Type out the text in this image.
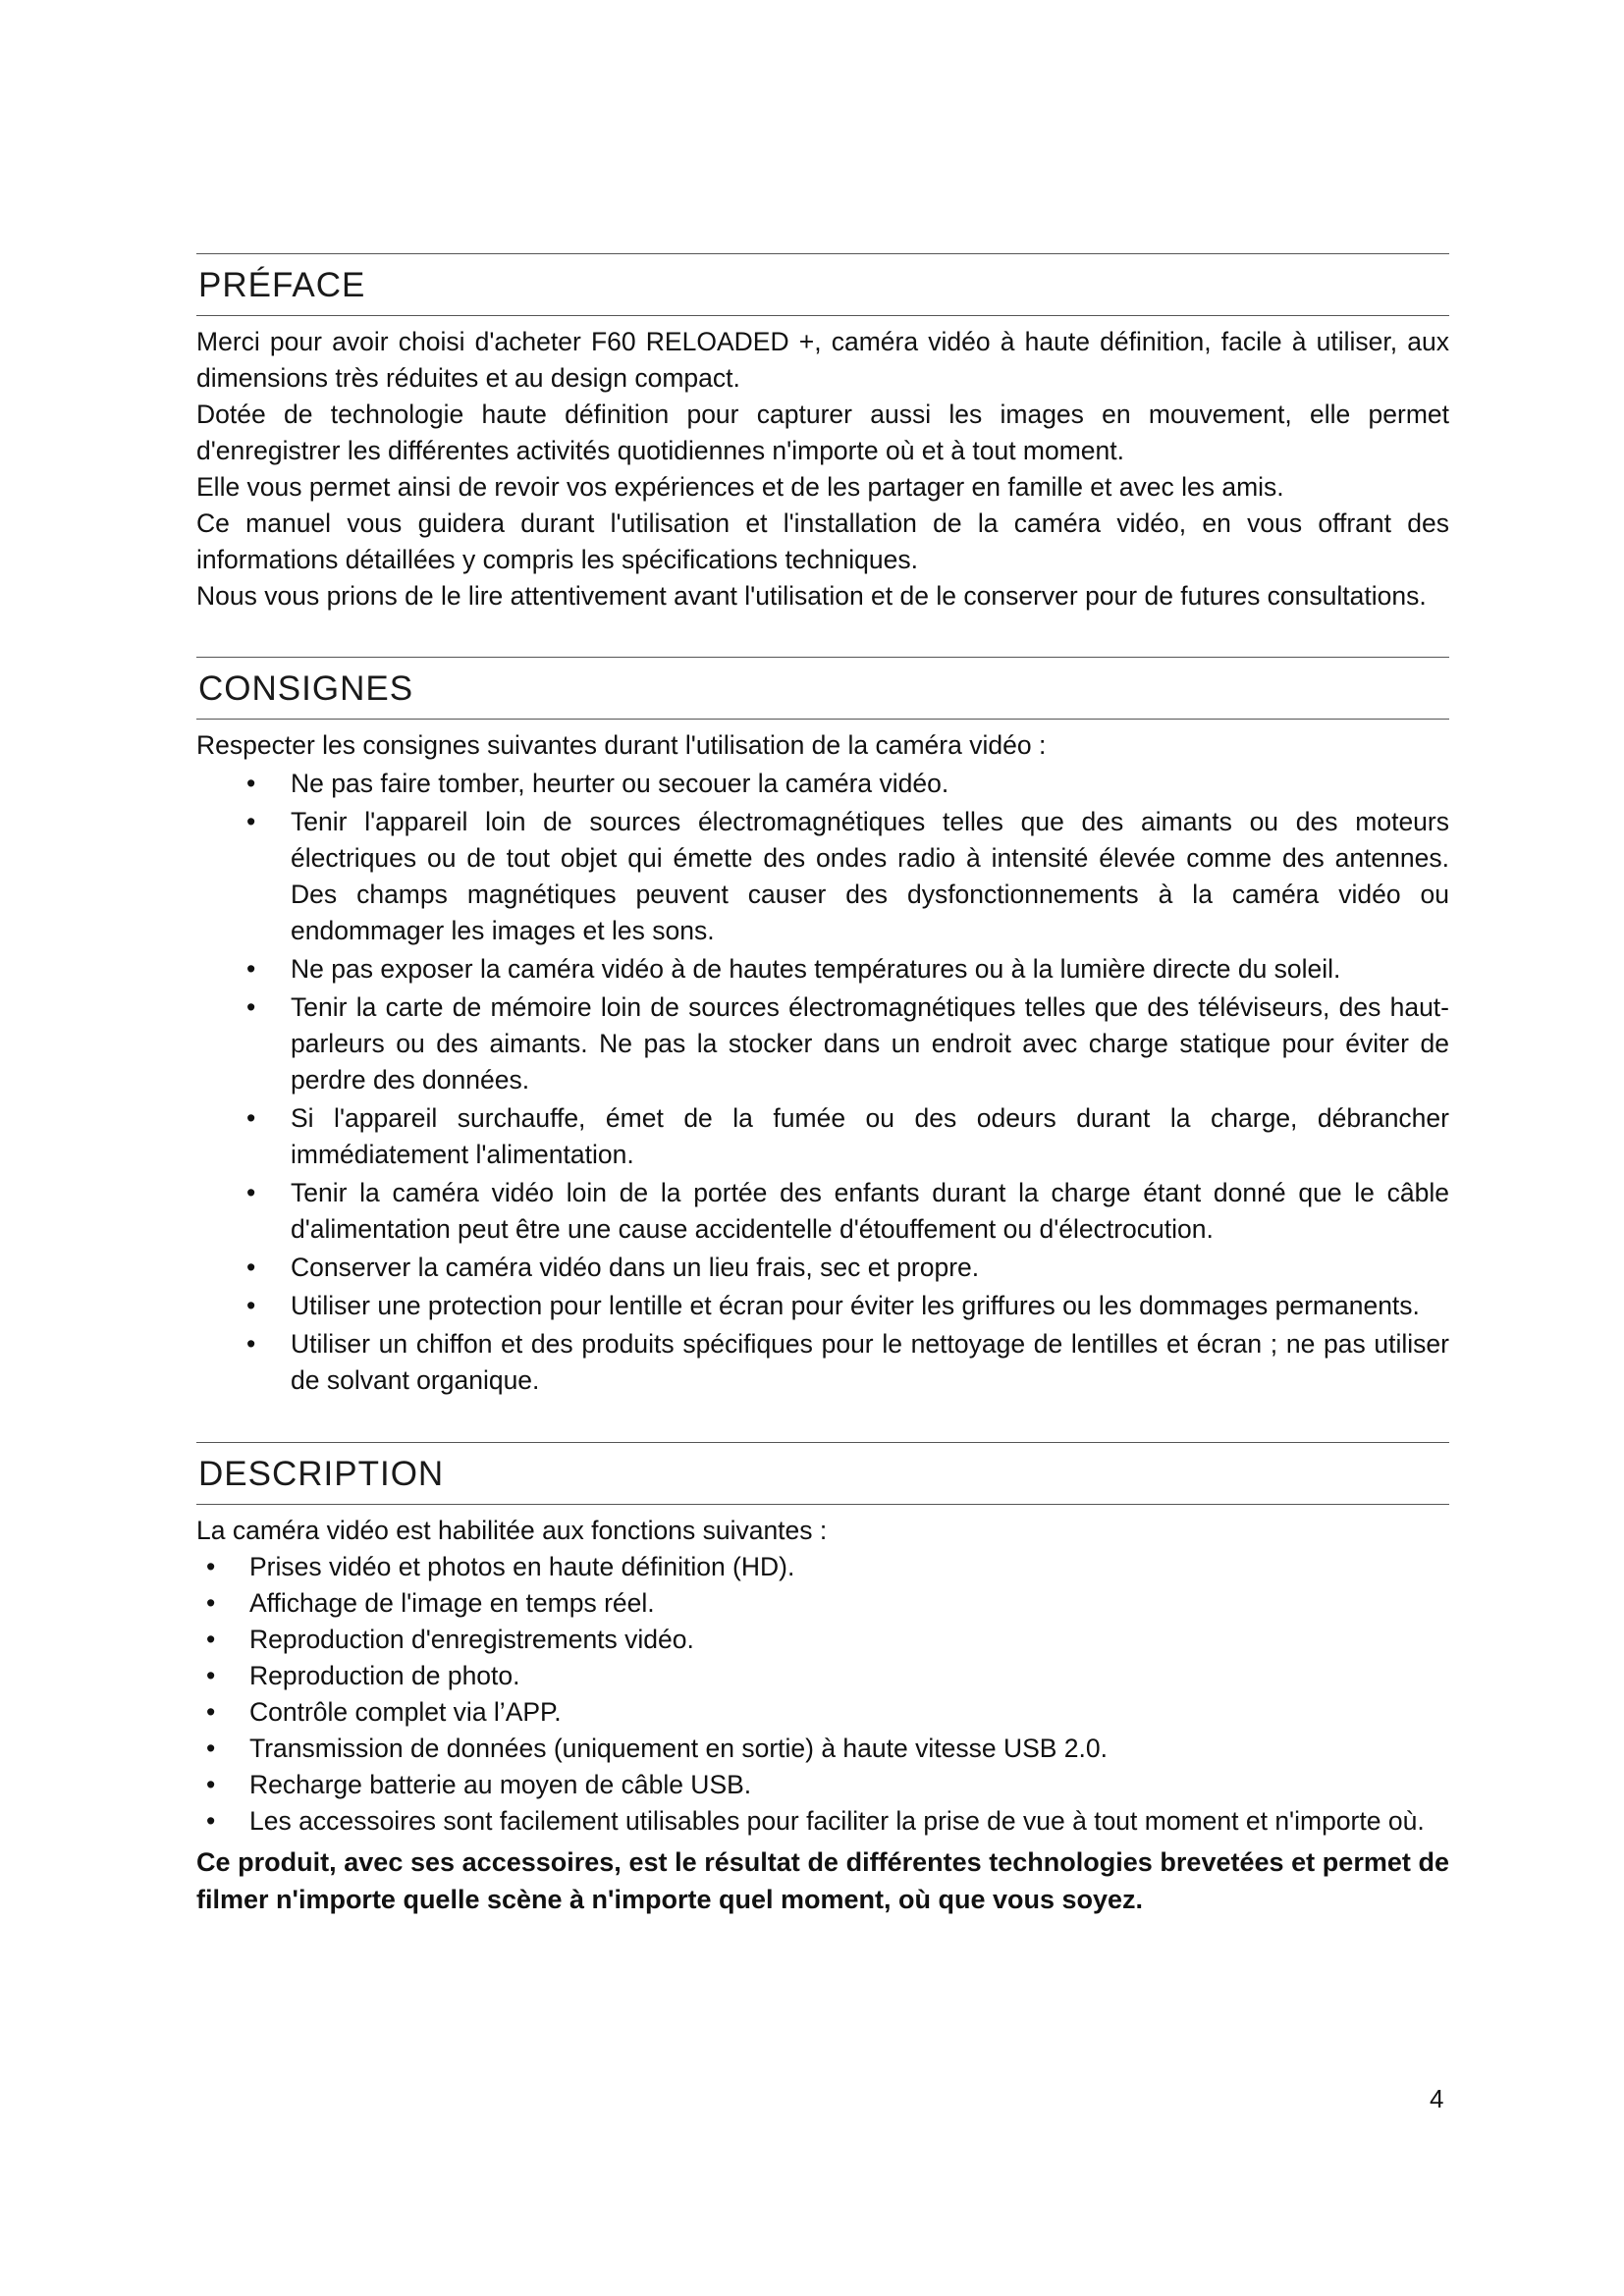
PRÉFACE

Merci pour avoir choisi d'acheter F60 RELOADED +, caméra vidéo à haute définition, facile à utiliser, aux dimensions très réduites et au design compact.

Dotée de technologie haute définition pour capturer aussi les images en mouvement, elle permet d'enregistrer les différentes activités quotidiennes n'importe où et à tout moment.

Elle vous permet ainsi de revoir vos expériences et de les partager en famille et avec les amis.

Ce manuel vous guidera durant l'utilisation et l'installation de la caméra vidéo, en vous offrant des informations détaillées y compris les spécifications techniques.

Nous vous prions de le lire attentivement avant l'utilisation et de le conserver pour de futures consultations.

CONSIGNES

Respecter les consignes suivantes durant l'utilisation de la caméra vidéo :

• Ne pas faire tomber, heurter ou secouer la caméra vidéo.
• Tenir l'appareil loin de sources électromagnétiques telles que des aimants ou des moteurs électriques ou de tout objet qui émette des ondes radio à intensité élevée comme des antennes. Des champs magnétiques peuvent causer des dysfonctionnements à la caméra vidéo ou endommager les images et les sons.
• Ne pas exposer la caméra vidéo à de hautes températures ou à la lumière directe du soleil.
• Tenir la carte de mémoire loin de sources électromagnétiques telles que des téléviseurs, des haut-parleurs ou des aimants. Ne pas la stocker dans un endroit avec charge statique pour éviter de perdre des données.
• Si l'appareil surchauffe, émet de la fumée ou des odeurs durant la charge, débrancher immédiatement l'alimentation.
• Tenir la caméra vidéo loin de la portée des enfants durant la charge étant donné que le câble d'alimentation peut être une cause accidentelle d'étouffement ou d'électrocution.
• Conserver la caméra vidéo dans un lieu frais, sec et propre.
• Utiliser une protection pour lentille et écran pour éviter les griffures ou les dommages permanents.
• Utiliser un chiffon et des produits spécifiques pour le nettoyage de lentilles et écran ; ne pas utiliser de solvant organique.
DESCRIPTION

La caméra vidéo est habilitée aux fonctions suivantes :

• Prises vidéo et photos en haute définition (HD).
• Affichage de l'image en temps réel.
• Reproduction d'enregistrements vidéo.
• Reproduction de photo.
• Contrôle complet via l’APP.
• Transmission de données (uniquement en sortie) à haute vitesse USB 2.0.
• Recharge batterie au moyen de câble USB.

• Les accessoires sont facilement utilisables pour faciliter la prise de vue à tout moment et n'importe où.

Ce produit, avec ses accessoires, est le résultat de différentes technologies brevetées et permet de filmer n'importe quelle scène à n'importe quel moment, où que vous soyez.

4
